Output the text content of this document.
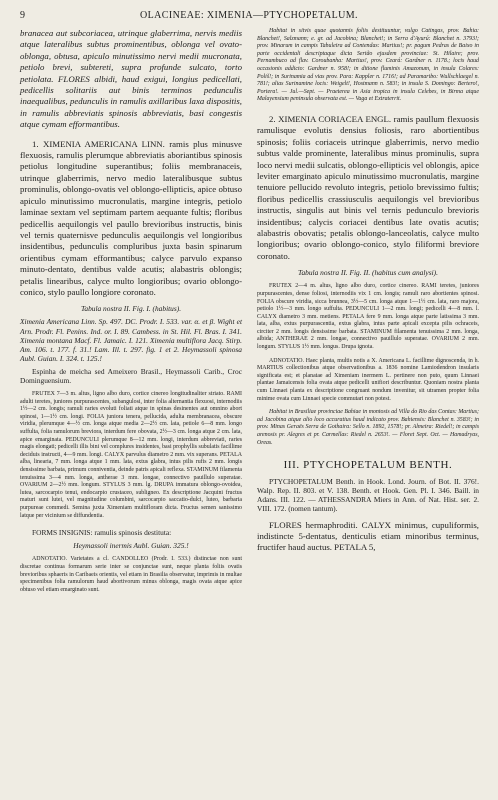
9	OLACINEAE: XIMENIA—PTYCHOPETALUM.

branacea aut subcoriacea, utrinque glaberrima, nervis mediis atque lateralibus subtus prominentibus, oblonga vel ovato-oblonga, obtusa, apiculo minutissimo nervi medii mucronata, petiolo brevi, subtereti, supra profunde sulcato, torto petiolata. FLORES albidi, haud exigui, longius pedicellati, pedicellis solitariis aut binis terminos pedunculis inaequalibus, pedunculis in ramulis axillaribus laxa dispositis, in ramulis abbreviatis spinosis abbreviatis, basi congestis atque cymam efformantibus.

1. XIMENIA AMERICANA LINN. ramis plus minusve flexuosis, ramulis plerumque abbreviatis aboriantibus spinosis petiolus longitudine superantibus; foliis membranaceis, utrinque glaberrimis, nervo medio lateralibusque subtus prominulis, oblongo-ovatis vel oblongo-ellipticis, apice obtuso apiculo minutissimo mucronulatis, margine integris, petiolo laminae sextam vel septimam partem aequante fultis; floribus pedicellis aequilongis vel paullo brevioribus instructis, binis vel ternis quaternisve pedunculis aequilongis vel longioribus insidentibus, pedunculis compluribus juxta basin spinarum orientibus cymam efformantibus; calyce parvulo expanso minuto-dentato, dentibus valde acutis; alabastris oblongis; petalis linearibus, calyce multo longioribus; ovario oblongo-conico, stylo paullo longiore coronato.

Tabula nostra II. Fig. I. (habitus).

Ximenia Americana Linn. Sp. 497. DC. Prodr. I. 533. var. α. et β. Wight et Arn. Prodr. Fl. Penins. Ind. or. I. 89. Cambess. in St. Hil. Fl. Bras. I. 341. Ximenia montana Macf. Fl. Jamaic. I. 121. Ximenia multiflora Jacq. Stirp. Am. 106. t. 177. f. 31.! Lam. Ill. t. 297. fig. 1 et 2. Heymassoli spinosa Aubl. Guian. I. 324. t. 125.!

Espinha de meicha sed Ameixero Brasil., Heymassoli Carib., Croc Dominguensium.

FRUTEX 7—3 m. altus, ligno albo duro, cortice cinereo longitudinaliter striato. RAMI adulti teretes, juniores purpurascentes, subangulosi, inter folia alternantia flexuosi, internodiis 1½—2 cm. longis; ramuli raries evoluti foliati atque in spinas desinentes aut omnino abort spinosi, 1—1½ cm. longi. FOLIA juniora tenera, pellucida, adulta membranacea, obscure viridia, plerumque 4—½ cm. longa atque media 2—2½ cm. lata, petiole 6—8 mm. longo suffulta, folia ramulorum breviora, interdum fere obovata, 2½—3 cm. longa atque 2 cm. lata, apice emarginata. PEDUNCULI plerumque 8—12 mm. longi, interdum abbreviati, raries magis elongati; pedicelli illis bini vel complures insidentes, basi prophyllis subulatis facillime deciduis instructi, 4—9 mm. longi. CALYX parvulus diametro 2 mm. vix superans. PETALA alba, linearia, 7 mm. longa atque 1 mm. lata, extus glabra, intus pilis rufis 2 mm. longis densissime barbata, primum conniventia, deinde patris apicali reflexa. STAMINUM filamenta tenuissima 3—4 mm. longa, antherae 3 mm. longae, connectivo pauillulo superatae. OVARIUM 2—2½ mm. longum. STYLUS 3 mm. lg. DRUPA immatura oblongo-ovoidea, lutea, sarcocarpio tenui, endocarpio crustaceo, subligneo. Ex descriptione Jacquini fructus maturi sunt lutei, vel magnitudine columbini, sarcocarpio saccatio-dulci, luteo, barbaria purpureae commedi. Semina juxta Ximeniam multifloram dicta. Fructus semen sanissimo latque per vicinium se diffundentia.

FORMS INSIGNIS: ramulis spinosis destituta:

Heymassoli inermis Aubl. Guian. 325.!

ADNOTATIO. Varietates a cl. CANDOLLEO (Prodr. I. 533.) distinctae non sunt discretae continua formarum serie inter se conjunctae sunt, neque planta foliis ovatis brevioribus sphaeris in Caribaeis orientis, vel etiam in Brasilia observatur, imprimis in multae specimenibus folia ramulorum haud abortivorum minus oblonga, magis ovata atque apice obtuso vel etiam emarginato sunt.

Habitat in sitvis quae quotannis foliis destituuntur, vulgo Catingas, prov. Bahia: Blanchet!, Salzmann; e. gr. ad Jacobina; Blanchet!; in Serra d'Ayurú: Blanchet n. 3793!; prov. Minarum in campis Tabuleira ad Contendas: Martius!; pr. pagum Pedras de Baixo in parte occidentali descriptaque dicta Sertão ejusdem provinciae: St. Hilaire; prov. Pernambuco ad flav. Coroubanha: Martius!, prov. Ceará: Gardner n. 1178.; locis haud occasionis addicto: Gardner n. 958!; in ditione fluminis Amazonum, in insula Colares: Poliš!; in Surinamia ad vias prov. Para: Kappler n. 1716!; ad Paramaribo: Wullschlaegel n. 781!; alias Surinamine locis: Weigelt!, Hostmann n. 583!; in insula S. Domingo: Bertero!, Portera!. — Jul.—Sept. — Praeterea in Asia tropica in insula Celebes, in Birma atque Malayensium peninsula observata est. — Vaga et Extraterrit.

2. XIMENIA CORIACEA ENGL. ramis paullum flexuosis ramulisque evolutis densius foliosis, raro abortientibus spinosis; foliis coriaceis utrinque glaberrimis, nervo medio subtus valde prominente, lateralibus minus prominulis, supra loco nervi medii sulcatis, oblongo-ellipticis vel oblongis, apice leviter emarginato apiculo minutissimo mucronulatis, margine tenuiore pellucido revoluto integris, petiolo brevissimo fultis; floribus pedicellis crassiusculis aequilongis vel brevioribus instructis, singulis aut binis vel ternis pedunculo brevioris insidentibus; calycis coriacei dentibus late ovatis acutis; alabastris obovatis; petalis oblongo-lanceolatis, calyce multo longioribus; ovario oblongo-conico, stylo filiformi breviore coronato.

Tabula nostra II. Fig. II. (habitus cum analysi).

FRUTEX 2—4 m. altus, ligno albo duro, cortice cinereo. RAMI teretes, juniores purpurascentes, dense foliosi, internodiis vix 1 cm. longis; ramuli raro abortientes spinosi. FOLIA obscure viridia, sicca brunnea, 3½—5 cm. longa atque 1—1½ cm. lata, raro majora, petiolo 1½—3 mm. longo suffulta. PEDUNCULI 1—2 mm. longi; pedicelli 4—8 mm. l. CALYX diametro 3 mm. metiens. PETALA fere 9 mm. longa atque parte latissima 3 mm. lata, alba, extus purpurascentia, extus glabra, intus parte apicali excepta pilis ochraceis, circiter 2 mm. longis densissime barbata. STAMINUM filamenta tenuissima 2 mm. longa, albida; ANTHERAE 2 mm. longae, connectivo pauillulo superatae. OVARIUM 2 mm. longum. STYLUS 1½ mm. longus. Drupa ignota.

ADNOTATIO. Haec planta, multis notis a X. Americana L. facillime dignoscenda, in h. MARTIUS collectionibus atque observationibus a. 1836 nomine Lamiodendron insularis significata est; et planatae ad Ximeniam inermem L. pertinere non puto, quum Linnaei plantae Jamaicensis folia ovata atque pedicelli unifiori describuntur. Quoniam nostra planta cum Linnaei planta ex descriptione congruant nondum invenitur, sit utramen propter folia minime ovata cum Linnaei specie commutari non potest.

Habitat in Brasiliae provinciae Bahiae in montosis ad Villa do Rio das Contas: Martius; ad Jacobina atque alio loco accuratius haud indicato prov. Bahiensis: Blanchet n. 3583!; in prov. Minas Geraës Serra de Gothaira: Sello n. 1892, 1578!; pr. Almeira: Riedel!; in campis arenosis pr. Alegres et pr. Carmellas: Riedel n. 2653!. — Floret Sept. Oct. — Hamadryas, Oreas.

III. PTYCHOPETALUM BENTH.

PTYCHOPETALUM Benth. in Hook. Lond. Journ. of Bot. II. 376!. Walp. Rep. II. 803. et V. 138. Benth. et Hook. Gen. Pl. I. 346. Baill. in Adans. III. 122. — ATHESSANDRA Miers in Ann. of Nat. Hist. ser. 2. VIII. 172. (nomen tantum).

FLORES hermaphroditi. CALYX minimus, cupuliformis, indistincte 5-dentatus, denticulis etiam minoribus terminus, fructifer haud auctus. PETALA 5,
